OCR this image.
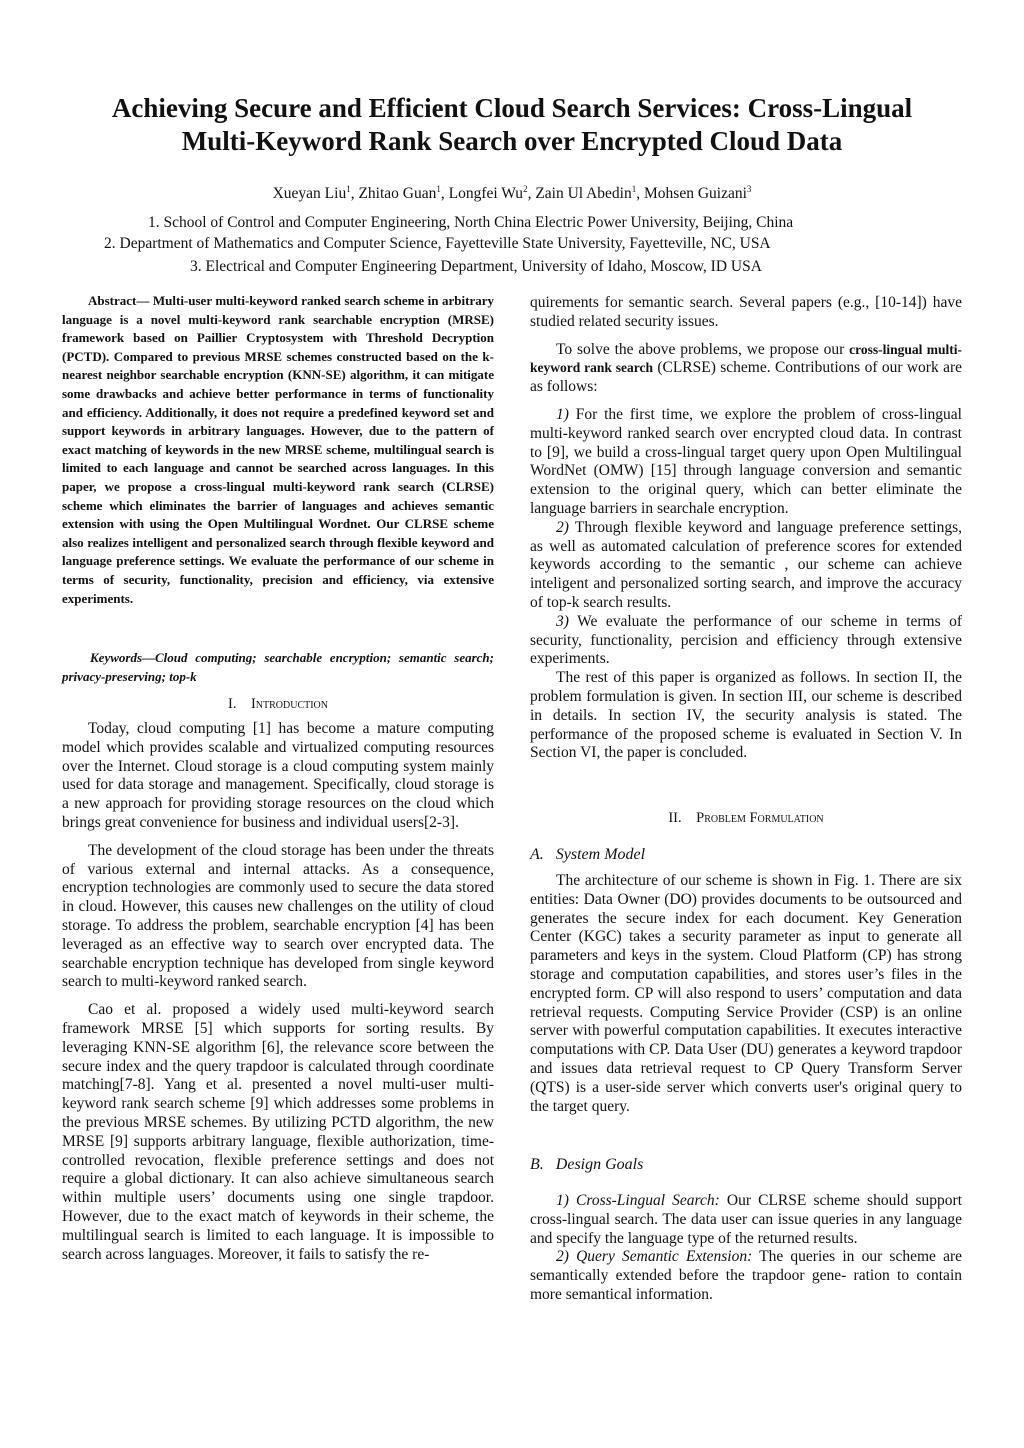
Achieving Secure and Efficient Cloud Search Services: Cross-Lingual Multi-Keyword Rank Search over Encrypted Cloud Data
Xueyan Liu$^1$, Zhitao Guan$^1$, Longfei Wu$^2$, Zain Ul Abedin$^1$, Mohsen Guizani$^3$
1. School of Control and Computer Engineering, North China Electric Power University, Beijing, China
2. Department of Mathematics and Computer Science, Fayetteville State University, Fayetteville, NC, USA
3. Electrical and Computer Engineering Department, University of Idaho, Moscow, ID USA
Abstract— Multi-user multi-keyword ranked search scheme in arbitrary language is a novel multi-keyword rank searchable encryption (MRSE) framework based on Paillier Cryptosystem with Threshold Decryption (PCTD). Compared to previous MRSE schemes constructed based on the k-nearest neighbor searchable encryption (KNN-SE) algorithm, it can mitigate some drawbacks and achieve better performance in terms of functionality and efficiency. Additionally, it does not require a predefined keyword set and support keywords in arbitrary languages. However, due to the pattern of exact matching of keywords in the new MRSE scheme, multilingual search is limited to each language and cannot be searched across languages. In this paper, we propose a cross-lingual multi-keyword rank search (CLRSE) scheme which eliminates the barrier of languages and achieves semantic extension with using the Open Multilingual Wordnet. Our CLRSE scheme also realizes intelligent and personalized search through flexible keyword and language preference settings. We evaluate the performance of our scheme in terms of security, functionality, precision and efficiency, via extensive experiments.
Keywords—Cloud computing; searchable encryption; semantic search; privacy-preserving; top-k
I. Introduction

Today, cloud computing [1] has become a mature computing model which provides scalable and virtualized computing resources over the Internet. Cloud storage is a cloud computing system mainly used for data storage and management. Specifically, cloud storage is a new approach for providing storage resources on the cloud which brings great convenience for business and individual users[2-3].

The development of the cloud storage has been under the threats of various external and internal attacks. As a consequence, encryption technologies are commonly used to secure the data stored in cloud. However, this causes new challenges on the utility of cloud storage. To address the problem, searchable encryption [4] has been leveraged as an effective way to search over encrypted data. The searchable encryption technique has developed from single keyword search to multi-keyword ranked search.

Cao et al. proposed a widely used multi-keyword search framework MRSE [5] which supports for sorting results. By leveraging KNN-SE algorithm [6], the relevance score between the secure index and the query trapdoor is calculated through coordinate matching[7-8]. Yang et al. presented a novel multi-user multi-keyword rank search scheme [9] which addresses some problems in the previous MRSE schemes. By utilizing PCTD algorithm, the new MRSE [9] supports arbitrary language, flexible authorization, time-controlled revocation, flexible preference settings and does not require a global dictionary. It can also achieve simultaneous search within multiple users’ documents using one single trapdoor. However, due to the exact match of keywords in their scheme, the multilingual search is limited to each language. It is impossible to search across languages. Moreover, it fails to satisfy the re-

quirements for semantic search. Several papers (e.g., [10-14]) have studied related security issues.

To solve the above problems, we propose our cross-lingual multi-keyword rank search (CLRSE) scheme. Contributions of our work are as follows:

1) For the first time, we explore the problem of cross-lingual multi-keyword ranked search over encrypted cloud data. In contrast to [9], we build a cross-lingual target query upon Open Multilingual WordNet (OMW) [15] through language conversion and semantic extension to the original query, which can better eliminate the language barriers in searchale encryption.

2) Through flexible keyword and language preference settings, as well as automated calculation of preference scores for extended keywords according to the semantic , our scheme can achieve inteligent and personalized sorting search, and improve the accuracy of top-k search results.

3) We evaluate the performance of our scheme in terms of security, functionality, percision and efficiency through extensive experiments.

The rest of this paper is organized as follows. In section II, the problem formulation is given. In section III, our scheme is described in details. In section IV, the security analysis is stated. The performance of the proposed scheme is evaluated in Section V. In Section VI, the paper is concluded.

II. Problem Formulation
A. System Model

The architecture of our scheme is shown in Fig. 1. There are six entities: Data Owner (DO) provides documents to be outsourced and generates the secure index for each document. Key Generation Center (KGC) takes a security parameter as input to generate all parameters and keys in the system. Cloud Platform (CP) has strong storage and computation capabilities, and stores user’s files in the encrypted form. CP will also respond to users’ computation and data retrieval requests. Computing Service Provider (CSP) is an online server with powerful computation capabilities. It executes interactive computations with CP. Data User (DU) generates a keyword trapdoor and issues data retrieval request to CP Query Transform Server (QTS) is a user-side server which converts user's original query to the target query.

B. Design Goals

1) Cross-Lingual Search: Our CLRSE scheme should support cross-lingual search. The data user can issue queries in any language and specify the language type of the returned results.

2) Query Semantic Extension: The queries in our scheme are semantically extended before the trapdoor gene- ration to contain more semantical information.
